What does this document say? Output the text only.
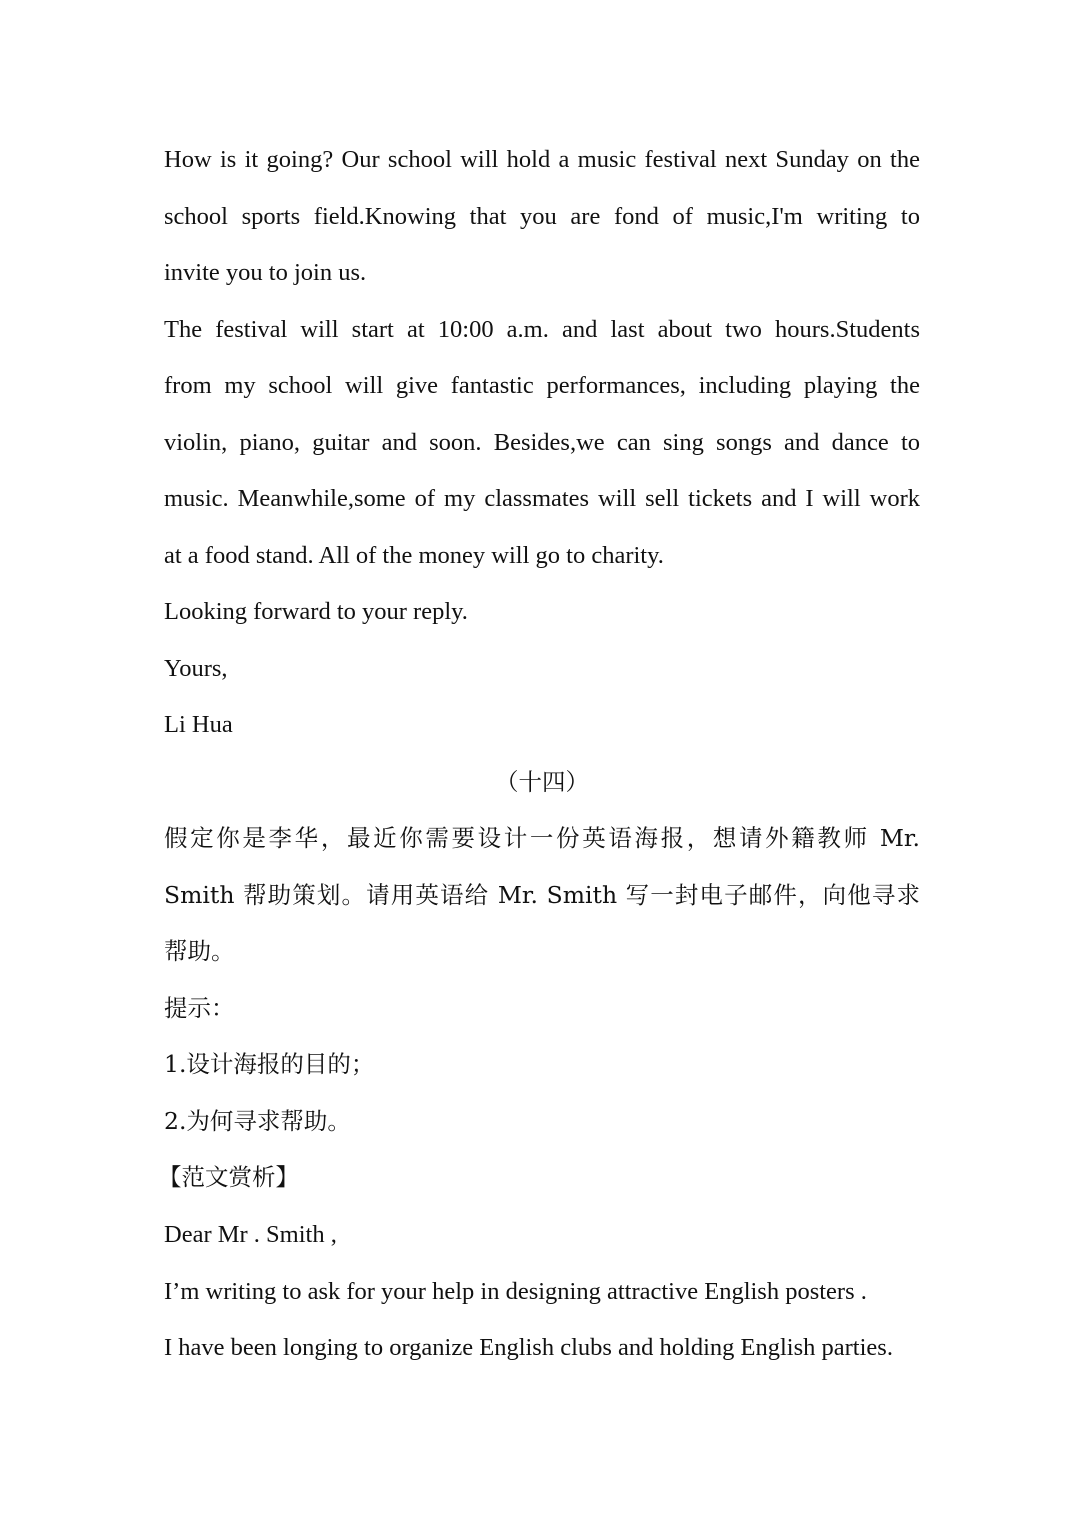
How is it going? Our school will hold a music festival next Sunday on the
school sports field.Knowing that you are fond of music,I'm writing to
invite you to join us.
The festival will start at 10:00 a.m. and last about two hours.Students
from my school will give fantastic performances, including playing the
violin, piano, guitar and soon. Besides,we can sing songs and dance to
music. Meanwhile,some of my classmates will sell tickets and I will work
at a food stand. All of the money will go to charity.
Looking forward to your reply.
Yours,
Li Hua
（十四）
假定你是李华，最近你需要设计一份英语海报，想请外籍教师 Mr.
Smith 帮助策划。请用英语给 Mr. Smith 写一封电子邮件，向他寻求
帮助。
提示：
1.设计海报的目的；
2.为何寻求帮助。
【范文赏析】
Dear Mr . Smith ,
I’m writing to ask for your help in designing attractive English posters .
I have been longing to organize English clubs and holding English parties.
